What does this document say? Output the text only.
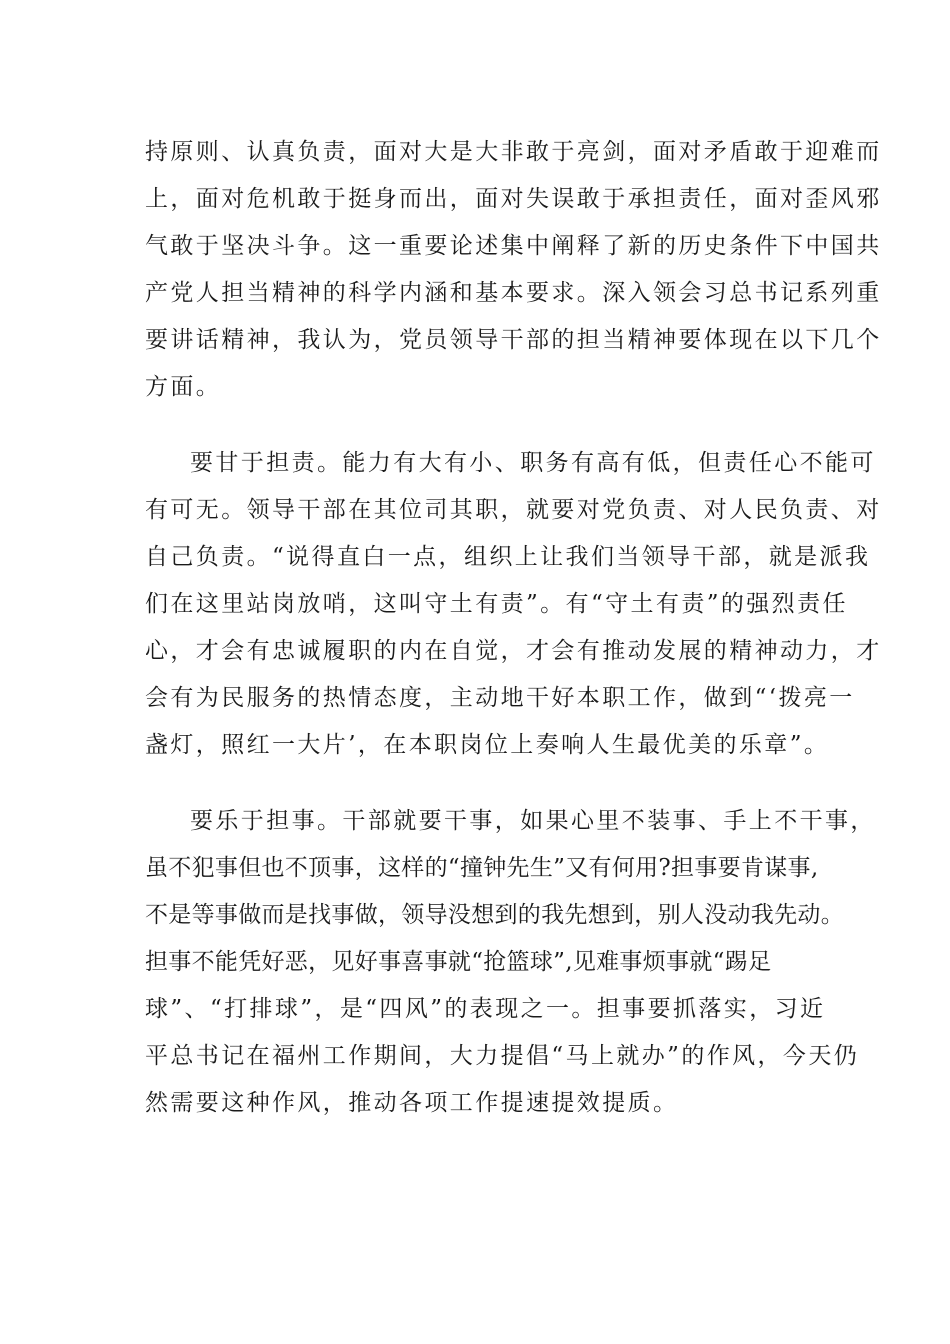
持原则、认真负责，面对大是大非敢于亮剑，面对矛盾敢于迎难而
上，面对危机敢于挺身而出，面对失误敢于承担责任，面对歪风邪
气敢于坚决斗争。这一重要论述集中阐释了新的历史条件下中国共
产党人担当精神的科学内涵和基本要求。深入领会习总书记系列重
要讲话精神，我认为，党员领导干部的担当精神要体现在以下几个
方面。
要甘于担责。能力有大有小、职务有高有低，但责任心不能可
有可无。领导干部在其位司其职，就要对党负责、对人民负责、对
自己负责。“说得直白一点，组织上让我们当领导干部，就是派我
们在这里站岗放哨，这叫守土有责”。有“守土有责”的强烈责任
心，才会有忠诚履职的内在自觉，才会有推动发展的精神动力，才
会有为民服务的热情态度，主动地干好本职工作，做到“‘拨亮一
盏灯，照红一大片’，在本职岗位上奏响人生最优美的乐章”。
要乐于担事。干部就要干事，如果心里不装事、手上不干事，
虽不犯事但也不顶事，这样的“撞钟先生”又有何用?担事要肯谋事,
不是等事做而是找事做，领导没想到的我先想到，别人没动我先动。
担事不能凭好恶，见好事喜事就“抢篮球”,见难事烦事就“踢足
球”、“打排球”，是“四风”的表现之一。担事要抓落实，习近
平总书记在福州工作期间，大力提倡“马上就办”的作风，今天仍
然需要这种作风，推动各项工作提速提效提质。
